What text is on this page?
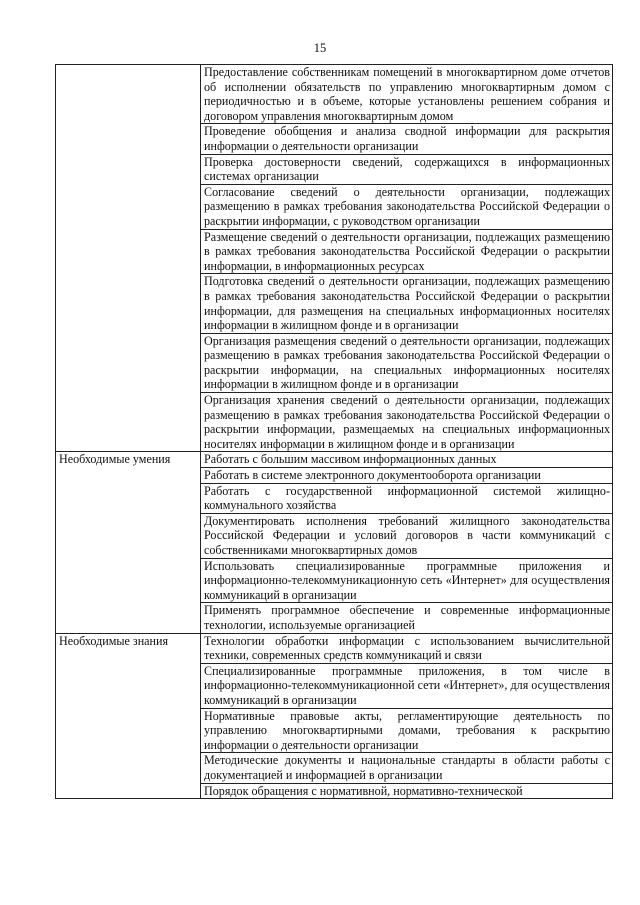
15
	Предоставление собственникам помещений в многоквартирном доме отчетов об исполнении обязательств по управлению многоквартирным домом с периодичностью и в объеме, которые установлены решением собрания и договором управления многоквартирным домом
	Проведение обобщения и анализа сводной информации для раскрытия информации о деятельности организации
	Проверка достоверности сведений, содержащихся в информационных системах организации
	Согласование сведений о деятельности организации, подлежащих размещению в рамках требования законодательства Российской Федерации о раскрытии информации, с руководством организации
	Размещение сведений о деятельности организации, подлежащих размещению в рамках требования законодательства Российской Федерации о раскрытии информации, в информационных ресурсах
	Подготовка сведений о деятельности организации, подлежащих размещению в рамках требования законодательства Российской Федерации о раскрытии информации, для размещения на специальных информационных носителях информации в жилищном фонде и в организации
	Организация размещения сведений о деятельности организации, подлежащих размещению в рамках требования законодательства Российской Федерации о раскрытии информации, на специальных информационных носителях информации в жилищном фонде и в организации
	Организация хранения сведений о деятельности организации, подлежащих размещению в рамках требования законодательства Российской Федерации о раскрытии информации, размещаемых на специальных информационных носителях информации в жилищном фонде и в организации
Необходимые умения	Работать с большим массивом информационных данных
	Работать в системе электронного документооборота организации
	Работать с государственной информационной системой жилищно-коммунального хозяйства
	Документировать исполнения требований жилищного законодательства Российской Федерации и условий договоров в части коммуникаций с собственниками многоквартирных домов
	Использовать специализированные программные приложения и информационно-телекоммуникационную сеть «Интернет» для осуществления коммуникаций в организации
	Применять программное обеспечение и современные информационные технологии, используемые организацией
Необходимые знания	Технологии обработки информации с использованием вычислительной техники, современных средств коммуникаций и связи
	Специализированные программные приложения, в том числе в информационно-телекоммуникационной сети «Интернет», для осуществления коммуникаций в организации
	Нормативные правовые акты, регламентирующие деятельность по управлению многоквартирными домами, требования к раскрытию информации о деятельности организации
	Методические документы и национальные стандарты в области работы с документацией и информацией в организации
	Порядок обращения с нормативной, нормативно-технической
